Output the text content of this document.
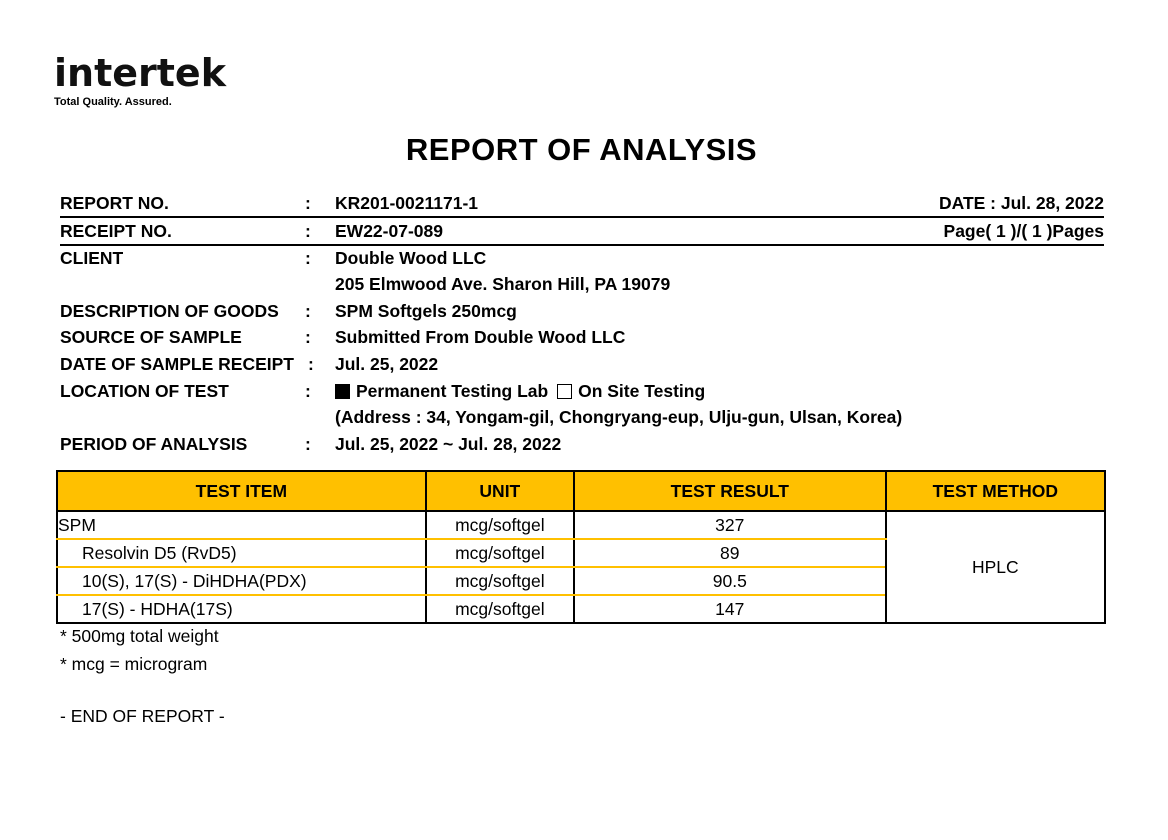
intertek
Total Quality. Assured.
REPORT OF ANALYSIS
REPORT NO.	: KR201-0021171-1	DATE : Jul. 28, 2022
RECEIPT NO.	: EW22-07-089	Page( 1 )/( 1 )Pages
CLIENT	: Double Wood LLC
205 Elmwood Ave. Sharon Hill, PA 19079
DESCRIPTION OF GOODS : SPM Softgels 250mcg
SOURCE OF SAMPLE	: Submitted From Double Wood LLC
DATE OF SAMPLE RECEIPT : Jul. 25, 2022
LOCATION OF TEST	:	Permanent Testing Lab On Site Testing
(Address : 34, Yongam-gil, Chongryang-eup, Ulju-gun, Ulsan, Korea)
PERIOD OF ANALYSIS	: Jul. 25, 2022 ~ Jul. 28, 2022
TEST ITEM	UNIT	TEST RESULT	TEST METHOD
SPM	mcg/softgel	327	HPLC
Resolvin D5 (RvD5)	mcg/softgel	89	
10(S), 17(S) - DiHDHA(PDX)	mcg/softgel	90.5	
17(S) - HDHA(17S)	mcg/softgel	147	
* 500mg total weight
* mcg = microgram
- END OF REPORT -
